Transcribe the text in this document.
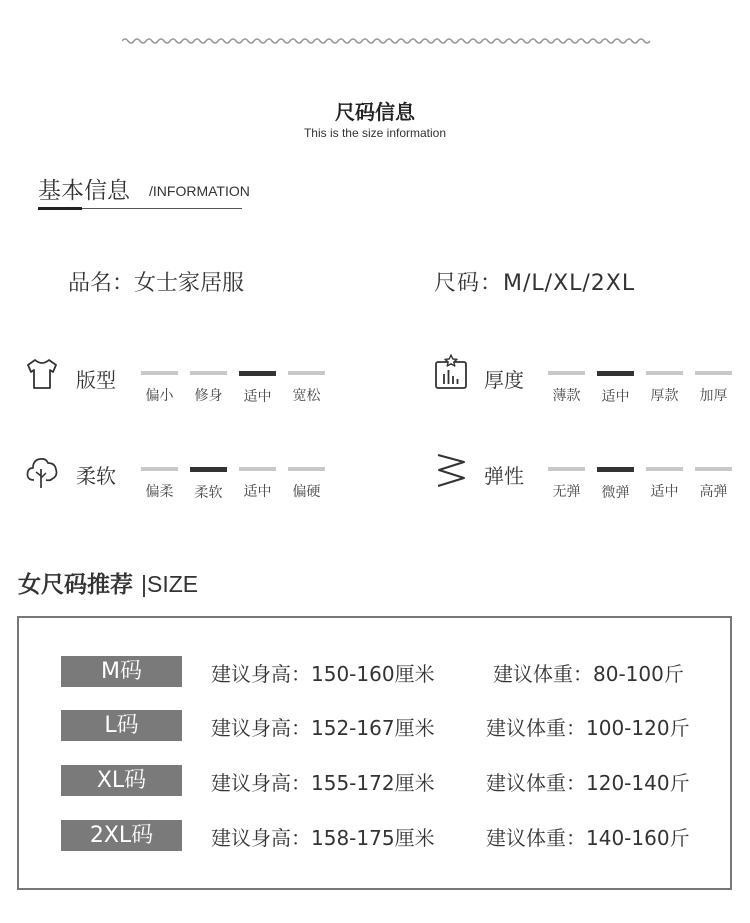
尺码信息
This is the size information
基本信息 /INFORMATION
品名：女士家居服	尺码：M/L/XL/2XL
版型
偏小 修身 适中 宽松
厚度
薄款 适中 厚款 加厚
柔软
偏柔 柔软 适中 偏硬
弹性
无弹 微弹 适中 高弹
女尺码推荐 |SIZE
M码	建议身高：150-160厘米	建议体重：80-100斤
L码	建议身高：152-167厘米	建议体重：100-120斤
XL码	建议身高：155-172厘米	建议体重：120-140斤
2XL码	建议身高：158-175厘米	建议体重：140-160斤
